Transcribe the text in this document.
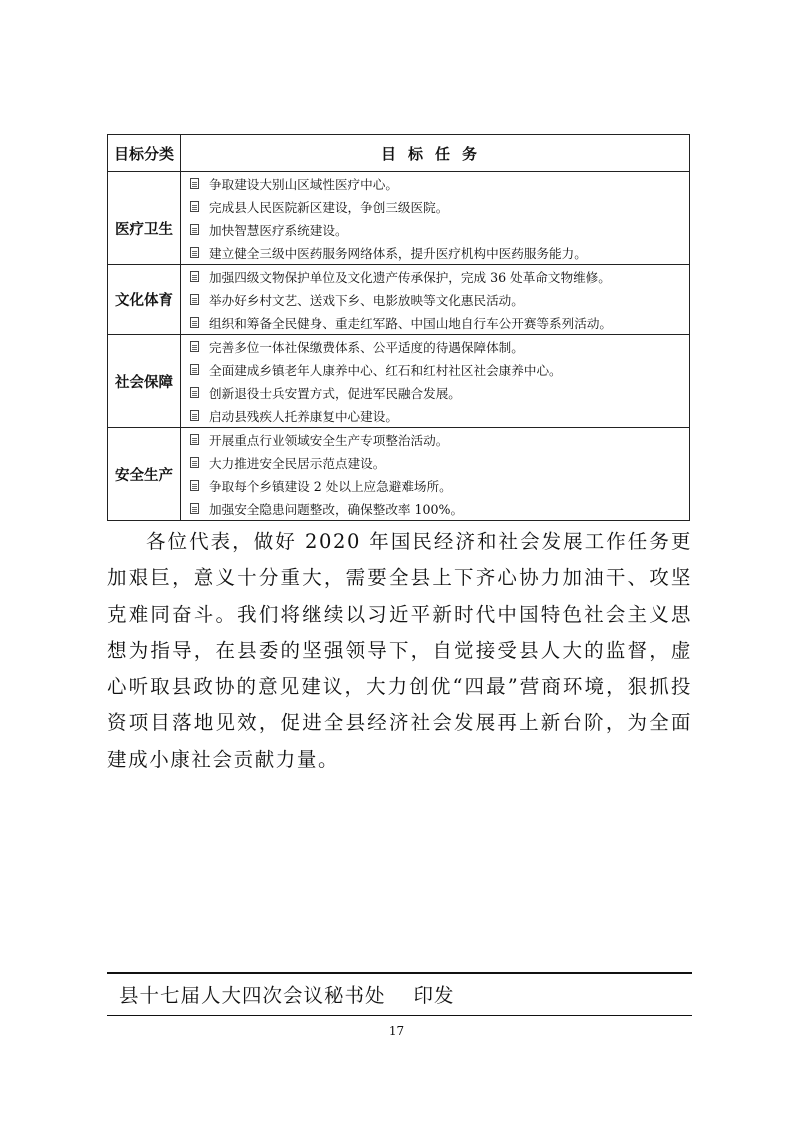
目标分类	目标任务
医疗卫生	争取建设大别山区域性医疗中心。
完成县人民医院新区建设，争创三级医院。
加快智慧医疗系统建设。
建立健全三级中医药服务网络体系，提升医疗机构中医药服务能力。

文化体育	加强四级文物保护单位及文化遗产传承保护，完成 36 处革命文物维修。
举办好乡村文艺、送戏下乡、电影放映等文化惠民活动。
组织和筹备全民健身、重走红军路、中国山地自行车公开赛等系列活动。

社会保障	完善多位一体社保缴费体系、公平适度的待遇保障体制。
全面建成乡镇老年人康养中心、红石和红村社区社会康养中心。
创新退役士兵安置方式，促进军民融合发展。
启动县残疾人托养康复中心建设。

安全生产	开展重点行业领域安全生产专项整治活动。
大力推进安全民居示范点建设。
争取每个乡镇建设 2 处以上应急避难场所。
加强安全隐患问题整改，确保整改率 100%。

各位代表，做好 2020 年国民经济和社会发展工作任务更加艰巨，意义十分重大，需要全县上下齐心协力加油干、攻坚克难同奋斗。我们将继续以习近平新时代中国特色社会主义思想为指导，在县委的坚强领导下，自觉接受县人大的监督，虚心听取县政协的意见建议，大力创优“四最”营商环境，狠抓投资项目落地见效，促进全县经济社会发展再上新台阶，为全面建成小康社会贡献力量。

县十七届人大四次会议秘书处 印发
17
